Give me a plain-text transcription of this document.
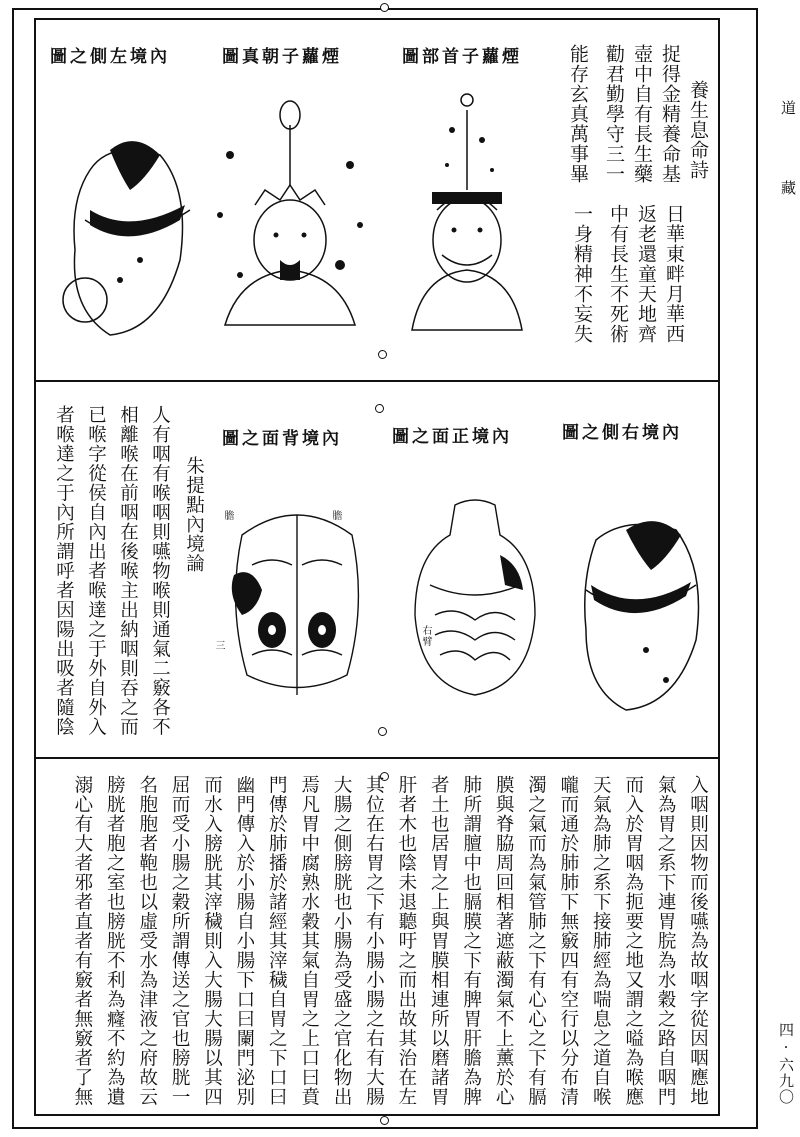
道
藏
四·六九〇
煙蘿子首部圖
煙蘿子朝真圖
內境左側之圖
養生息命詩
日華東畔月華西
返老還童天地齊
中有長生不死術
一身精神不妄失
捉得金精養命基
壺中自有長生藥
勸君勤學守三一
能存玄真萬事畢
內境右側之圖
內境正面之圖
內境背面之圖
右臂
三
膽	膽
朱提點內境論
人有咽有喉咽則嚥物喉則通氣二竅各不
相離喉在前咽在後喉主出納咽則吞之而
已喉字從侯自內出者喉達之于外自外入
者喉達之于內所謂呼者因陽出吸者隨陰
入咽則因物而後嚥為故咽字從因咽應地
氣為胃之系下連胃脘為水穀之路自咽門
而入於胃咽為扼要之地又謂之嗌為喉應
天氣為肺之系下接肺經為喘息之道自喉
嚨而通於肺肺下無竅四有空行以分布清
濁之氣而為氣管肺之下有心心之下有膈
膜與脊脇周回相著遮蔽濁氣不上薰於心
肺所謂膻中也膈膜之下有脾胃肝膽為脾
者土也居胃之上與胃膜相連所以磨諸胃
肝者木也陰未退聽吁之而出故其治在左
其位在右胃之下有小腸小腸之右有大腸
大腸之側膀胱也小腸為受盛之官化物出
焉凡胃中腐熟水穀其氣自胃之上口曰賁
門傳於肺播於諸經其滓穢自胃之下口曰
幽門傳入於小腸自小腸下口曰闌門泌別
而水入膀胱其滓穢則入大腸大腸以其四
屈而受小腸之穀所謂傳送之官也膀胱一
名胞胞者鞄也以虛受水為津液之府故云
膀胱者胞之室也膀胱不利為癃不約為遺
溺心有大者邪者直者有竅者無竅者了無
